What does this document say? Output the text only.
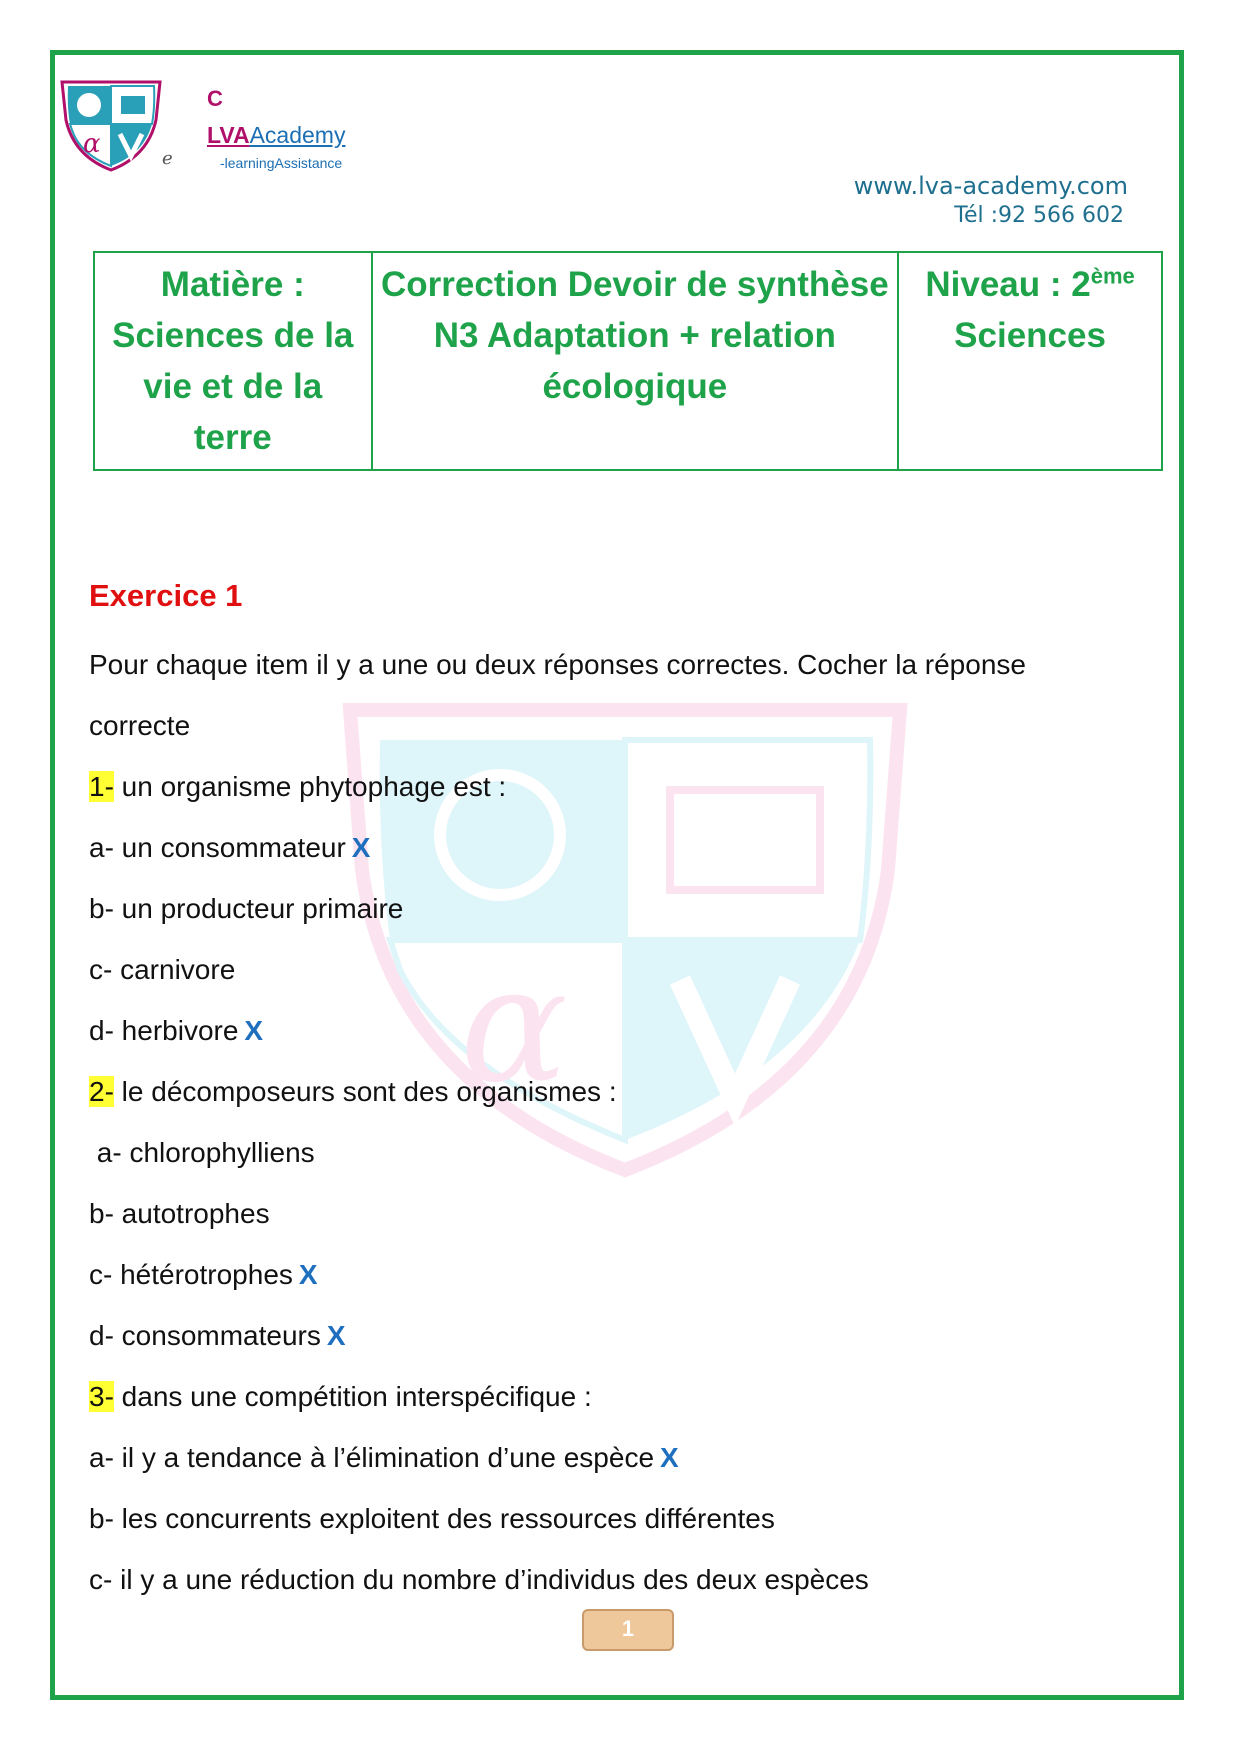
α
C
LVAAcademy
-learningAssistance
e
www.lva-academy.com
Tél :92 566 602
Matière : Sciences de la vie et de la terre	Correction Devoir de synthèse N3 Adaptation + relation écologique	Niveau : 2ème
Sciences
α
Exercice 1
Pour chaque item il y a une ou deux réponses correctes. Cocher la réponse
correcte
1- un organisme phytophage est :
a- un consommateur X
b- un producteur primaire
c- carnivore
d- herbivore X
2- le décomposeurs sont des organismes :
a- chlorophylliens
b- autotrophes
c- hétérotrophes X
d- consommateurs X
3- dans une compétition interspécifique :
a- il y a tendance à l’élimination d’une espèce X
b- les concurrents exploitent des ressources différentes
c- il y a une réduction du nombre d’individus des deux espèces
1
